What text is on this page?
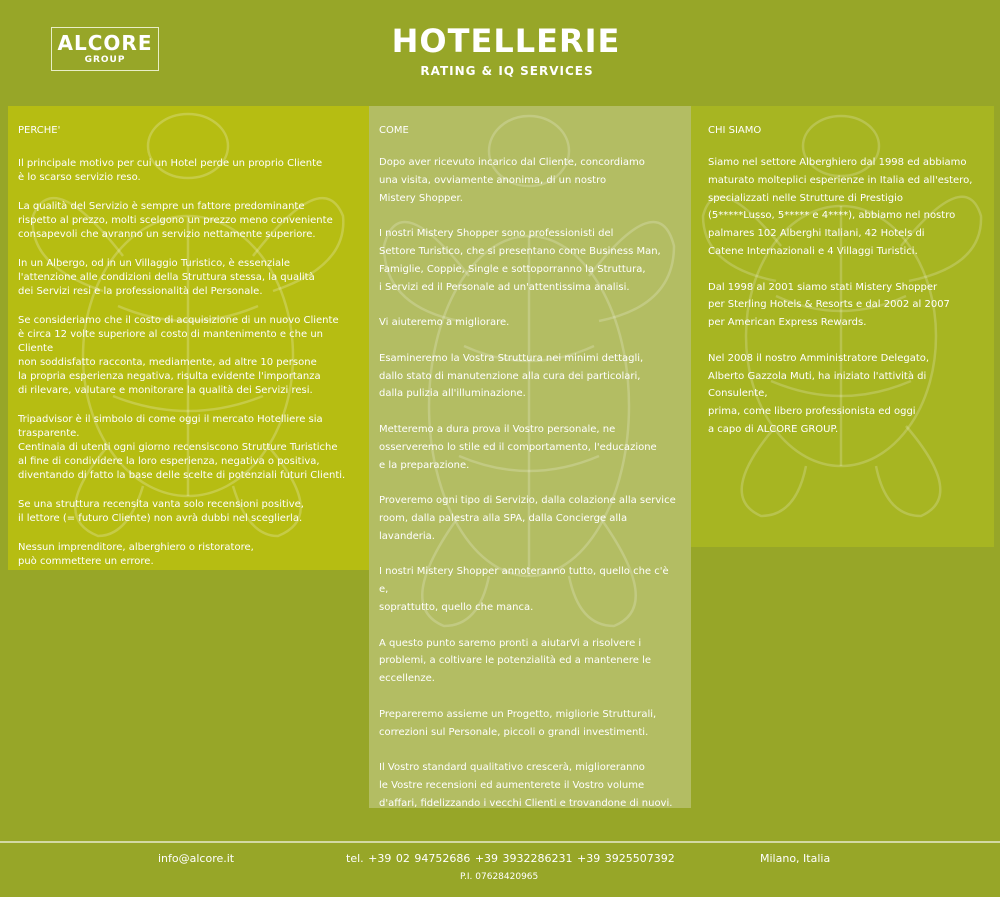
ALCORE
GROUP	HOTELLERIE
RATING & IQ SERVICES
PERCHE'

Il principale motivo per cui un Hotel perde un proprio Cliente
è lo scarso servizio reso.

La qualità del Servizio è sempre un fattore predominante
rispetto al prezzo, molti scelgono un prezzo meno conveniente
consapevoli che avranno un servizio nettamente superiore.

In un Albergo, od in un Villaggio Turistico, è essenziale
l'attenzione alle condizioni della Struttura stessa, la qualità
dei Servizi resi e la professionalità del Personale.

Se consideriamo che il costo di acquisizione di un nuovo Cliente
è circa 12 volte superiore al costo di mantenimento e che un Cliente
non soddisfatto racconta, mediamente, ad altre 10 persone
la propria esperienza negativa, risulta evidente l'importanza
di rilevare, valutare e monitorare la qualità dei Servizi resi.

Tripadvisor è il simbolo di come oggi il mercato Hotelliere sia
trasparente.
Centinaia di utenti ogni giorno recensiscono Strutture Turistiche
al fine di condividere la loro esperienza, negativa o positiva,
diventando di fatto la base delle scelte di potenziali futuri Clienti.

Se una struttura recensita vanta solo recensioni positive,
il lettore (= futuro Cliente) non avrà dubbi nel sceglierla.

Nessun imprenditore, alberghiero o ristoratore,
può commettere un errore.

COME

Dopo aver ricevuto incarico dal Cliente, concordiamo
una visita, ovviamente anonima, di un nostro
Mistery Shopper.

I nostri Mistery Shopper sono professionisti del
Settore Turistico, che si presentano come Business Man,
Famiglie, Coppie, Single e sottoporranno la Struttura,
i Servizi ed il Personale ad un'attentissima analisi.

Vi aiuteremo a migliorare.

Esamineremo la Vostra Struttura nei minimi dettagli,
dallo stato di manutenzione alla cura dei particolari,
dalla pulizia all'illuminazione.

Metteremo a dura prova il Vostro personale, ne
osserveremo lo stile ed il comportamento, l'educazione
e la preparazione.

Proveremo ogni tipo di Servizio, dalla colazione alla service
room, dalla palestra alla SPA, dalla Concierge alla lavanderia.

I nostri Mistery Shopper annoteranno tutto, quello che c'è e,
soprattutto, quello che manca.

A questo punto saremo pronti a aiutarVi a risolvere i
problemi, a coltivare le potenzialità ed a mantenere le
eccellenze.

Prepareremo assieme un Progetto, migliorie Strutturali,
correzioni sul Personale, piccoli o grandi investimenti.

Il Vostro standard qualitativo crescerà, miglioreranno
le Vostre recensioni ed aumenterete il Vostro volume
d'affari, fidelizzando i vecchi Clienti e trovandone di nuovi.

CHI SIAMO

Siamo nel settore Alberghiero dal 1998 ed abbiamo
maturato molteplici esperienze in Italia ed all'estero,
specializzati nelle Strutture di Prestigio
(5*****Lusso, 5***** e 4****), abbiamo nel nostro
palmares 102 Alberghi Italiani, 42 Hotels di
Catene Internazionali e 4 Villaggi Turistici.

Dal 1998 al 2001 siamo stati Mistery Shopper
per Sterling Hotels & Resorts e dal 2002 al 2007
per American Express Rewards.

Nel 2008 il nostro Amministratore Delegato,
Alberto Gazzola Muti, ha iniziato l'attività di Consulente,
prima, come libero professionista ed oggi
a capo di ALCORE GROUP.

info@alcore.it	tel. +39 02 94752686 +39 3932286231 +39 3925507392	Milano, Italia
P.I. 07628420965
